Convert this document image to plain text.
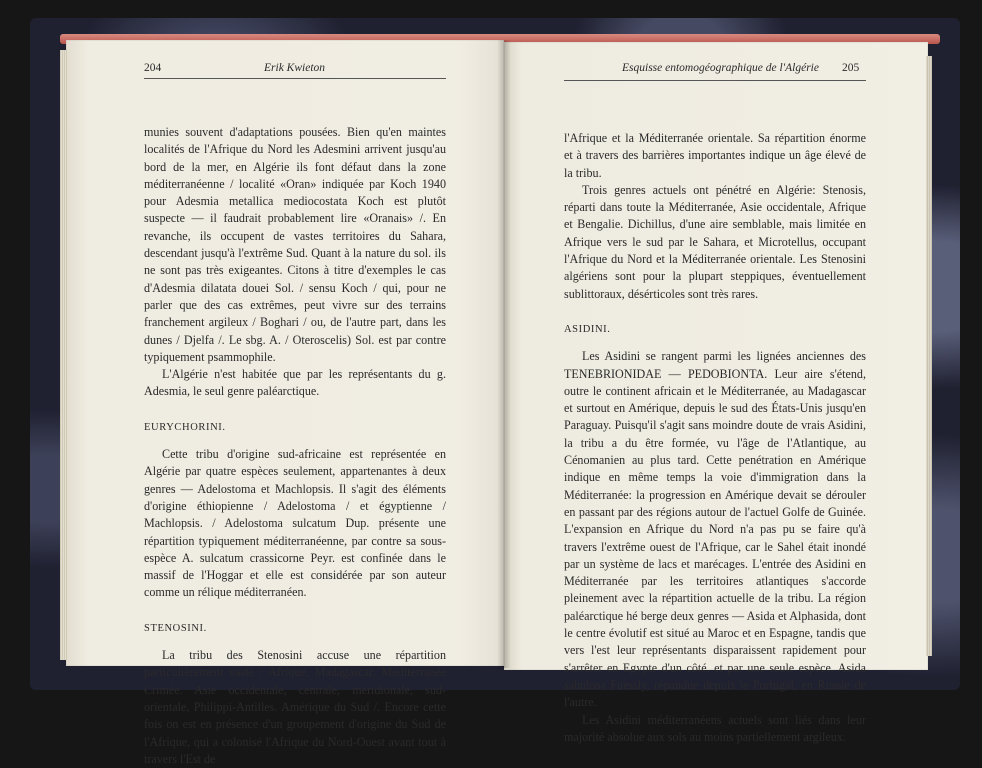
204	Erik Kwieton

munies souvent d'adaptations pousées. Bien qu'en maintes localités de l'Afrique du Nord les Adesmini arrivent jusqu'au bord de la mer, en Algérie ils font défaut dans la zone méditerranéenne / localité «Oran» indiquée par Koch 1940 pour Adesmia metallica mediocostata Koch est plutôt suspecte — il faudrait probablement lire «Oranais» /. En revanche, ils occupent de vastes territoires du Sahara, descendant jusqu'à l'extrême Sud. Quant à la nature du sol. ils ne sont pas très exigeantes. Citons à titre d'exemples le cas d'Adesmia dilatata douei Sol. / sensu Koch / qui, pour ne parler que des cas extrêmes, peut vivre sur des terrains franchement argileux / Boghari / ou, de l'autre part, dans les dunes / Djelfa /. Le sbg. A. / Oteroscelis) Sol. est par contre typiquement psammophile.

L'Algérie n'est habitée que par les représentants du g. Adesmia, le seul genre paléarctique.

EURYCHORINI.

Cette tribu d'origine sud-africaine est représentée en Algérie par quatre espèces seulement, appartenantes à deux genres — Adelostoma et Machlopsis. Il s'agit des éléments d'origine éthiopienne / Adelostoma / et égyptienne / Machlopsis. / Adelostoma sulcatum Dup. présente une répartition typiquement méditerranéenne, par contre sa sous-espèce A. sulcatum crassicorne Peyr. est confinée dans le massif de l'Hoggar et elle est considérée par son auteur comme un rélique méditerranéen.

STENOSINI.

La tribu des Stenosini accuse une répartition particulièrement vaste / Afrique, Madagascar, Méditerranée Crimée. Asie occidentale, centrale, méridionale, sud- orientale, Philippi-Antilles. Amérique du Sud /. Encore cette fois on est en présence d'un groupement d'origine du Sud de l'Afrique, qui a colonisé l'Afrique du Nord-Ouest avant tout à travers l'Est de

Esquisse entomogéographique de l'Algérie 205

l'Afrique et la Méditerranée orientale. Sa répartition énorme et à travers des barrières importantes indique un âge élevé de la tribu.

Trois genres actuels ont pénétré en Algérie: Stenosis, réparti dans toute la Méditerranée, Asie occidentale, Afrique et Bengalie. Dichillus, d'une aire semblable, mais limitée en Afrique vers le sud par le Sahara, et Microtellus, occupant l'Afrique du Nord et la Méditerranée orientale. Les Stenosini algériens sont pour la plupart steppiques, éventuellement sublittoraux, désérticoles sont très rares.

ASIDINI.

Les Asidini se rangent parmi les lignées anciennes des TENEBRIONIDAE — PEDOBIONTA. Leur aire s'étend, outre le continent africain et le Méditerranée, au Madagascar et surtout en Amérique, depuis le sud des États-Unis jusqu'en Paraguay. Puisqu'il s'agit sans moindre doute de vrais Asidini, la tribu a du être formée, vu l'âge de l'Atlantique, au Cénomanien au plus tard. Cette penétration en Amérique indique en même temps la voie d'immigration dans la Méditerranée: la progression en Amérique devait se dérouler en passant par des régions autour de l'actuel Golfe de Guinée. L'expansion en Afrique du Nord n'a pas pu se faire qu'à travers l'extrême ouest de l'Afrique, car le Sahel était inondé par un système de lacs et marécages. L'entrée des Asidini en Méditerranée par les territoires atlantiques s'accorde pleinement avec la répartition actuelle de la tribu. La région paléarctique hé berge deux genres — Asida et Alphasida, dont le centre évolutif est situé au Maroc et en Espagne, tandis que vers l'est leur représentants disparaissent rapidement pour s'arrêter en Egypte d'un côté, et par une seule espèce, Asida sabulosa Fuessly, répandue depuis le Portugal, en Russie de l'autre.

Les Asidini méditerranéens actuels sont liés dans leur majorité absolue aux sols au moins partiellement argileux.
